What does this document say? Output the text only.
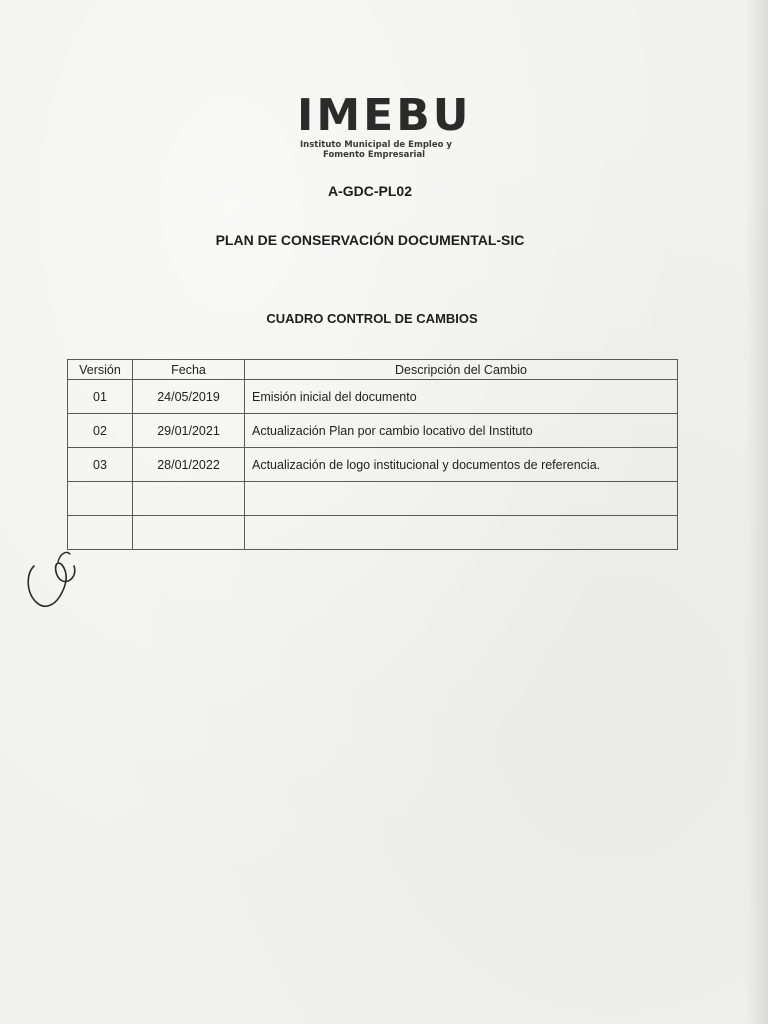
IMEBU
Instituto Municipal de Empleo y
Fomento Empresarial
A-GDC-PL02
PLAN DE CONSERVACIÓN DOCUMENTAL-SIC
CUADRO CONTROL DE CAMBIOS
Versión	Fecha	Descripción del Cambio
01	24/05/2019	Emisión inicial del documento
02	29/01/2021	Actualización Plan por cambio locativo del Instituto
03	28/01/2022	Actualización de logo institucional y documentos de referencia.
